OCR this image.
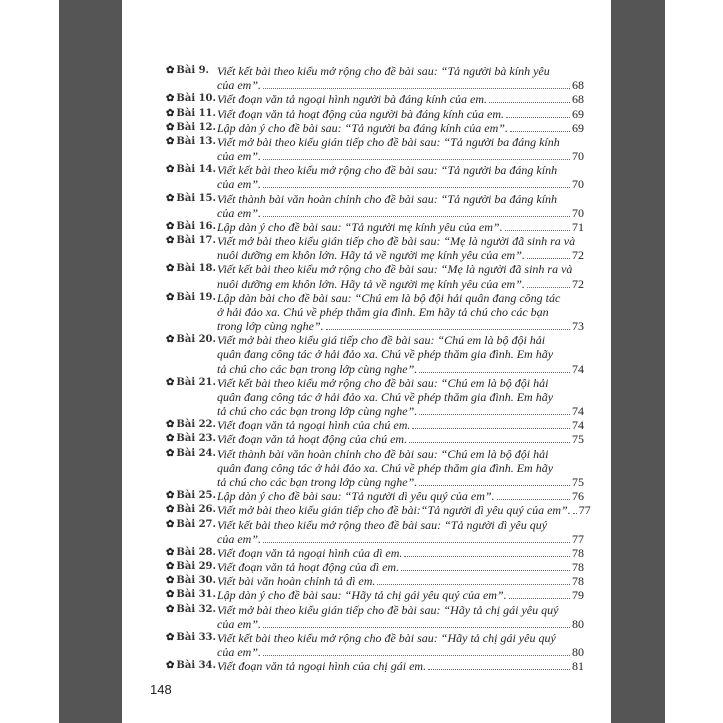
✿ Bài 9. Viết kết bài theo kiểu mở rộng cho đề bài sau: “Tả người bà kính yêu
của em”.	68
✿ Bài 10. Viết đoạn văn tả ngoại hình người bà đáng kính của em.	68
✿ Bài 11. Viết đoạn văn tả hoạt động của người bà đáng kính của em.	69
✿ Bài 12. Lập dàn ý cho đề bài sau: “Tả người ba đáng kính của em”.	69
✿ Bài 13. Viết mở bài theo kiểu gián tiếp cho đề bài sau: “Tả người ba đáng kính
của em”.	70
✿ Bài 14. Viết kết bài theo kiểu mở rộng cho đề bài sau: “Tả người ba đáng kính
của em”.	70
✿ Bài 15. Viết thành bài văn hoàn chỉnh cho đề bài sau: “Tả người ba đáng kính
của em”.	70
✿ Bài 16. Lập dàn ý cho đề bài sau: “Tả người mẹ kính yêu của em”.	71
✿ Bài 17. Viết mở bài theo kiểu gián tiếp cho đề bài sau: “Mẹ là người đã sinh ra và
nuôi dưỡng em khôn lớn. Hãy tả về người mẹ kính yêu của em”.	72
✿ Bài 18. Viết kết bài theo kiểu mở rộng cho đề bài sau: “Mẹ là người đã sinh ra và
nuôi dưỡng em khôn lớn. Hãy tả về người mẹ kính yêu của em”.	72
✿ Bài 19. Lập dàn bài cho đề bài sau: “Chú em là bộ đội hải quân đang công tác
ở hải đảo xa. Chú về phép thăm gia đình. Em hãy tả chú cho các bạn
trong lớp cùng nghe”.	73
✿ Bài 20. Viết mở bài theo kiểu giá tiếp cho đề bài sau: “Chú em là bộ đội hải
quân đang công tác ở hải đảo xa. Chú về phép thăm gia đình. Em hãy
tả chú cho các bạn trong lớp cùng nghe”.	74
✿ Bài 21. Viết kết bài theo kiểu mở rộng cho đề bài sau: “Chú em là bộ đội hải
quân đang công tác ở hải đảo xa. Chú về phép thăm gia đình. Em hãy
tả chú cho các bạn trong lớp cùng nghe”.	74
✿ Bài 22. Viết đoạn văn tả ngoại hình của chú em.	74
✿ Bài 23. Viết đoạn văn tả hoạt động của chú em.	75
✿ Bài 24. Viết thành bài văn hoàn chỉnh cho đề bài sau: “Chú em là bộ đội hải
quân đang công tác ở hải đảo xa. Chú về phép thăm gia đình. Em hãy
tả chú cho các bạn trong lớp cùng nghe”.	75
✿ Bài 25. Lập dàn ý cho đề bài sau: “Tả người dì yêu quý của em”.	76
✿ Bài 26. Viết mở bài theo kiểu gián tiếp cho đề bài:“Tả người dì yêu quý của em”. 77
✿ Bài 27. Viết kết bài theo kiểu mở rộng theo đề bài sau: “Tả người dì yêu quý
của em”.	77
✿ Bài 28. Viết đoạn văn tả ngoại hình của dì em.	78
✿ Bài 29. Viết đoạn văn tả hoạt động của dì em.	78
✿ Bài 30. Viết bài văn hoàn chỉnh tả dì em.	78
✿ Bài 31. Lập dàn ý cho đề bài sau: “Hãy tả chị gái yêu quý của em”.	79
✿ Bài 32. Viết mở bài theo kiểu gián tiếp cho đề bài sau: “Hãy tả chị gái yêu quý
của em”.	80
✿ Bài 33. Viết kết bài theo kiểu mở rộng cho đề bài sau: “Hãy tả chị gái yêu quý
của em”.	80
✿ Bài 34. Viết đoạn văn tả ngoại hình của chị gái em.	81
148
